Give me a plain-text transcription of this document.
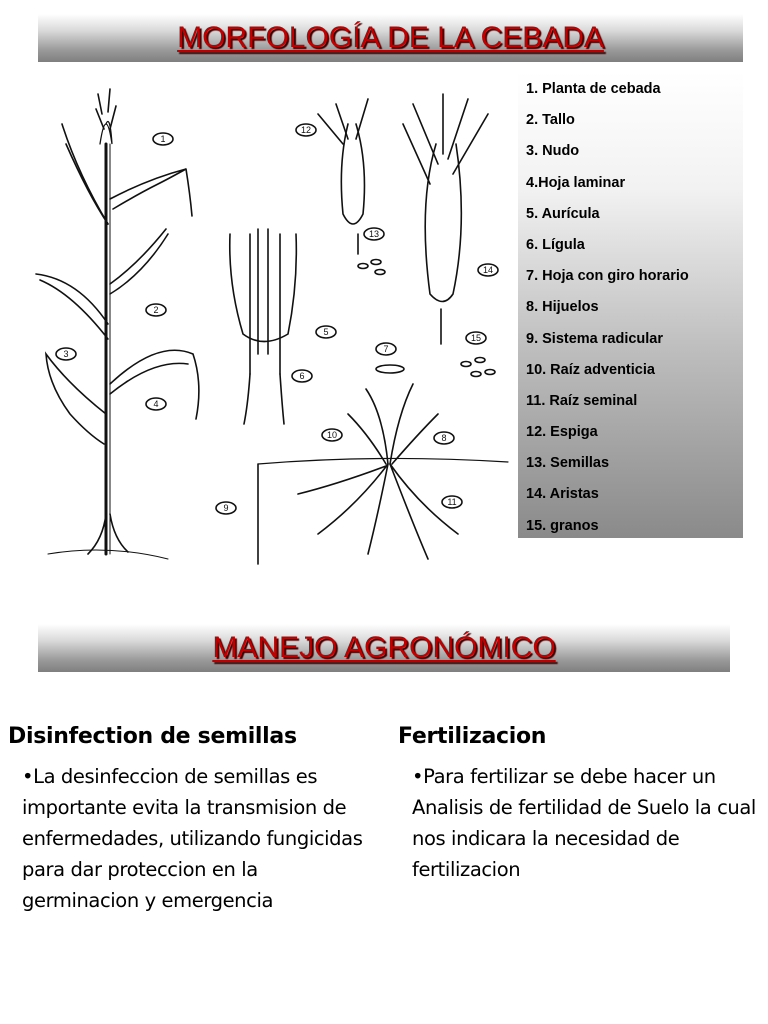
MORFOLOGÍA DE LA CEBADA
1
2
3
4
5
6
7
8
9
10
11
12
13
14
15
1. Planta de cebada
2. Tallo
3. Nudo
4.Hoja laminar
5. Aurícula
6. Lígula
7. Hoja con giro horario
8. Hijuelos
9. Sistema radicular
10. Raíz adventicia
11. Raíz seminal
12. Espiga
13. Semillas
14. Aristas
15. granos
MANEJO AGRONÓMICO
Disinfection de semillas

•La desinfeccion de semillas es importante evita la transmision de enfermedades, utilizando fungicidas para dar proteccion en la germinacion y emergencia

Fertilizacion

•Para fertilizar se debe hacer un Analisis de fertilidad de Suelo la cual nos indicara la necesidad de fertilizacion
